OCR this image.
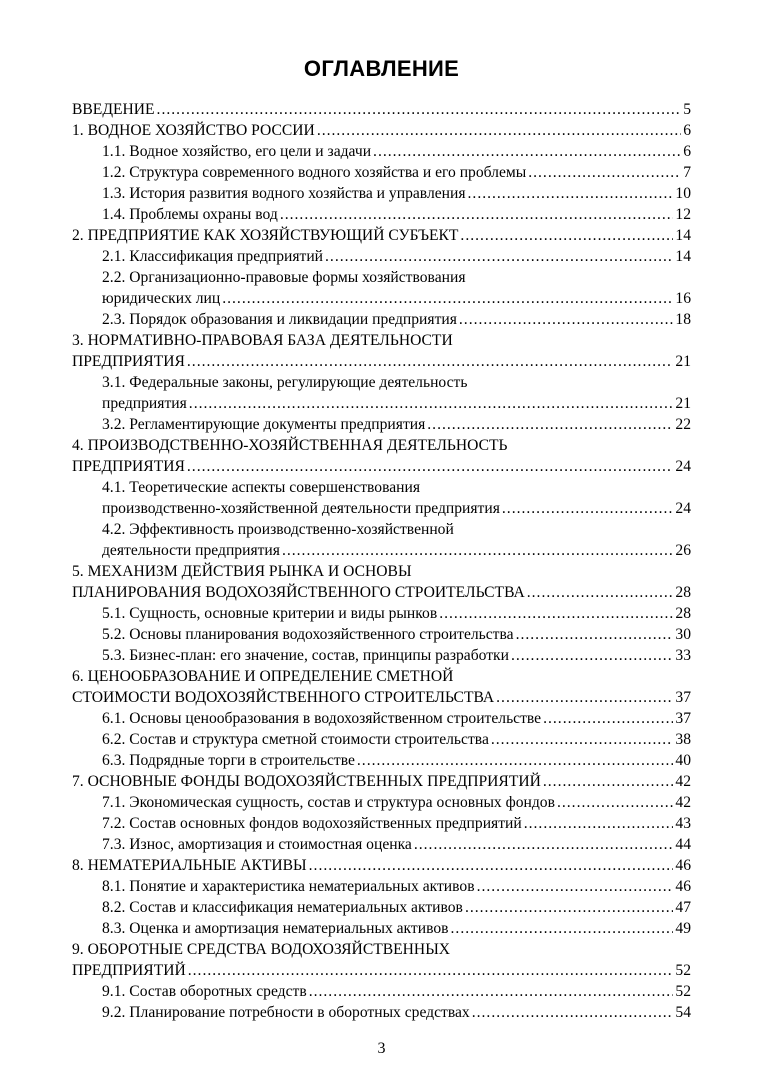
ОГЛАВЛЕНИЕ
ВВЕДЕНИЕ .....	5
1. ВОДНОЕ ХОЗЯЙСТВО РОССИИ .....	6
1.1. Водное хозяйство, его цели и задачи .....	6
1.2. Структура современного водного хозяйства и его проблемы .....	7
1.3. История развития водного хозяйства и управления .....	10
1.4. Проблемы охраны вод .....	12
2. ПРЕДПРИЯТИЕ КАК ХОЗЯЙСТВУЮЩИЙ СУБЪЕКТ .....	14
2.1. Классификация предприятий .....	14
2.2. Организационно-правовые формы хозяйствования
юридических лиц .....	16
2.3. Порядок образования и ликвидации предприятия .....	18
3. НОРМАТИВНО-ПРАВОВАЯ БАЗА ДЕЯТЕЛЬНОСТИ
ПРЕДПРИЯТИЯ .....	21
3.1. Федеральные законы, регулирующие деятельность
предприятия .....	21
3.2. Регламентирующие документы предприятия .....	22
4. ПРОИЗВОДСТВЕННО-ХОЗЯЙСТВЕННАЯ ДЕЯТЕЛЬНОСТЬ
ПРЕДПРИЯТИЯ .....	24
4.1. Теоретические аспекты совершенствования
производственно-хозяйственной деятельности предприятия .....	24
4.2. Эффективность производственно-хозяйственной
деятельности предприятия .....	26
5. МЕХАНИЗМ ДЕЙСТВИЯ РЫНКА И ОСНОВЫ
ПЛАНИРОВАНИЯ ВОДОХОЗЯЙСТВЕННОГО СТРОИТЕЛЬСТВА .....	28
5.1. Сущность, основные критерии и виды рынков .....	28
5.2. Основы планирования водохозяйственного строительства .....	30
5.3. Бизнес-план: его значение, состав, принципы разработки .....	33
6. ЦЕНООБРАЗОВАНИЕ И ОПРЕДЕЛЕНИЕ СМЕТНОЙ
СТОИМОСТИ ВОДОХОЗЯЙСТВЕННОГО СТРОИТЕЛЬСТВА .....	37
6.1. Основы ценообразования в водохозяйственном строительстве .....	37
6.2. Состав и структура сметной стоимости строительства .....	38
6.3. Подрядные торги в строительстве .....	40
7. ОСНОВНЫЕ ФОНДЫ ВОДОХОЗЯЙСТВЕННЫХ ПРЕДПРИЯТИЙ .....	42
7.1. Экономическая сущность, состав и структура основных фондов .....	42
7.2. Состав основных фондов водохозяйственных предприятий .....	43
7.3. Износ, амортизация и стоимостная оценка .....	44
8. НЕМАТЕРИАЛЬНЫЕ АКТИВЫ .....	46
8.1. Понятие и характеристика нематериальных активов .....	46
8.2. Состав и классификация нематериальных активов .....	47
8.3. Оценка и амортизация нематериальных активов .....	49
9. ОБОРОТНЫЕ СРЕДСТВА ВОДОХОЗЯЙСТВЕННЫХ
ПРЕДПРИЯТИЙ .....	52
9.1. Состав оборотных средств .....	52
9.2. Планирование потребности в оборотных средствах .....	54
3
